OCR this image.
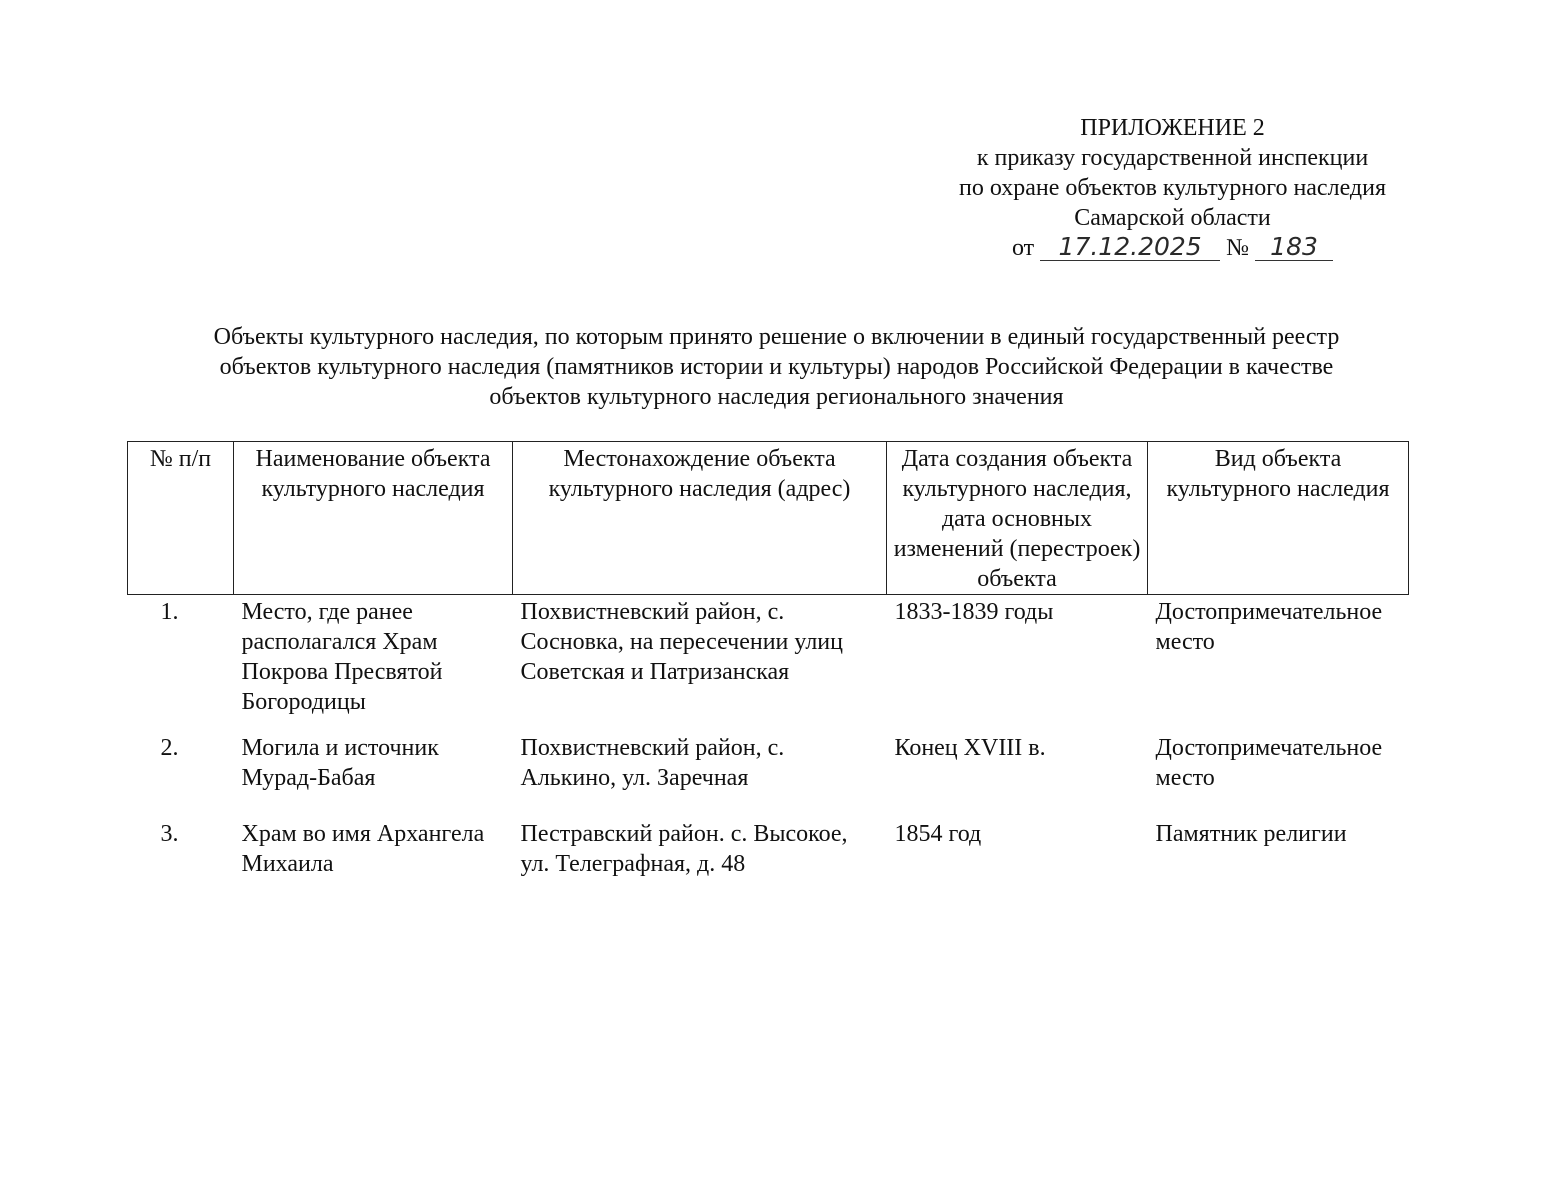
ПРИЛОЖЕНИЕ 2
к приказу государственной инспекции
по охране объектов культурного наследия
Самарской области
от 17.12.2025 № 183
Объекты культурного наследия, по которым принято решение о включении в единый государственный реестр
объектов культурного наследия (памятников истории и культуры) народов Российской Федерации в качестве
объектов культурного наследия регионального значения
№ п/п	Наименование объекта культурного наследия	Местонахождение объекта культурного наследия (адрес)	Дата создания объекта культурного наследия, дата основных изменений (перестроек) объекта	Вид объекта культурного наследия
1.	Место, где ранее располагался Храм Покрова Пресвятой Богородицы	Похвистневский район, с. Сосновка, на пересечении улиц Советская и Патризанская	1833-1839 годы	Достопримечательное место
2.	Могила и источник Мурад-Бабая	Похвистневский район, с. Алькино, ул. Заречная	Конец XVIII в.	Достопримечательное место
3.	Храм во имя Архангела Михаила	Пестравский район. с. Высокое, ул. Телеграфная, д. 48	1854 год	Памятник религии
